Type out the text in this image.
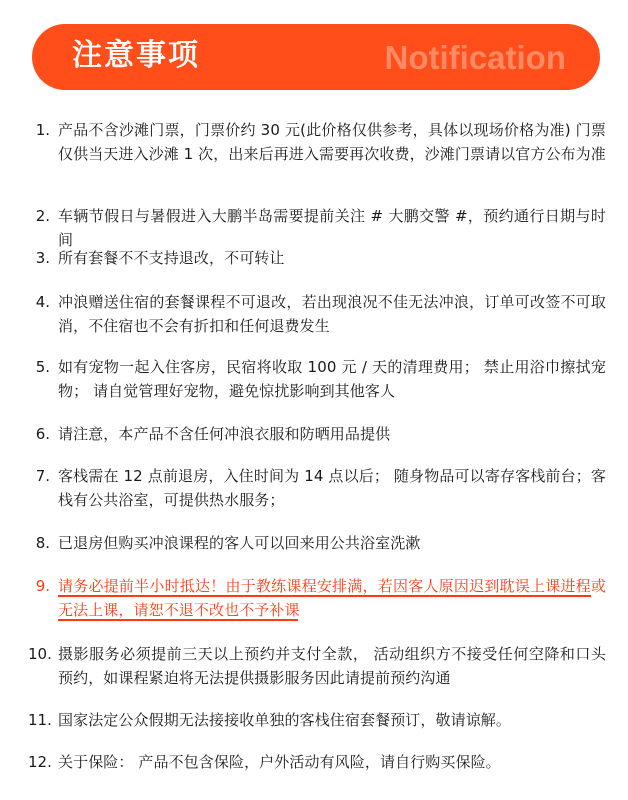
注意事项	Notification
1. 产品不含沙滩门票，门票价约 30 元(此价格仅供参考，具体以现场价格为准) 门票仅供当天进入沙滩 1 次，出来后再进入需要再次收费，沙滩门票请以官方公布为准
2. 车辆节假日与暑假进入大鹏半岛需要提前关注 # 大鹏交警 #，预约通行日期与时间
3. 所有套餐不不支持退改，不可转让
4. 冲浪赠送住宿的套餐课程不可退改，若出现浪况不佳无法冲浪，订单可改签不可取消，不住宿也不会有折扣和任何退费发生
5. 如有宠物一起入住客房，民宿将收取 100 元 / 天的清理费用； 禁止用浴巾擦拭宠物； 请自觉管理好宠物，避免惊扰影响到其他客人
6. 请注意，本产品不含任何冲浪衣服和防晒用品提供
7. 客栈需在 12 点前退房，入住时间为 14 点以后； 随身物品可以寄存客栈前台；客栈有公共浴室，可提供热水服务；
8. 已退房但购买冲浪课程的客人可以回来用公共浴室洗漱
9. 请务必提前半小时抵达！由于教练课程安排满，若因客人原因迟到耽误上课进程或无法上课，请恕不退不改也不予补课
10. 摄影服务必须提前三天以上预约并支付全款， 活动组织方不接受任何空降和口头预约，如课程紧迫将无法提供摄影服务因此请提前预约沟通
11. 国家法定公众假期无法接接收单独的客栈住宿套餐预订，敬请谅解。
12. 关于保险： 产品不包含保险，户外活动有风险，请自行购买保险。
